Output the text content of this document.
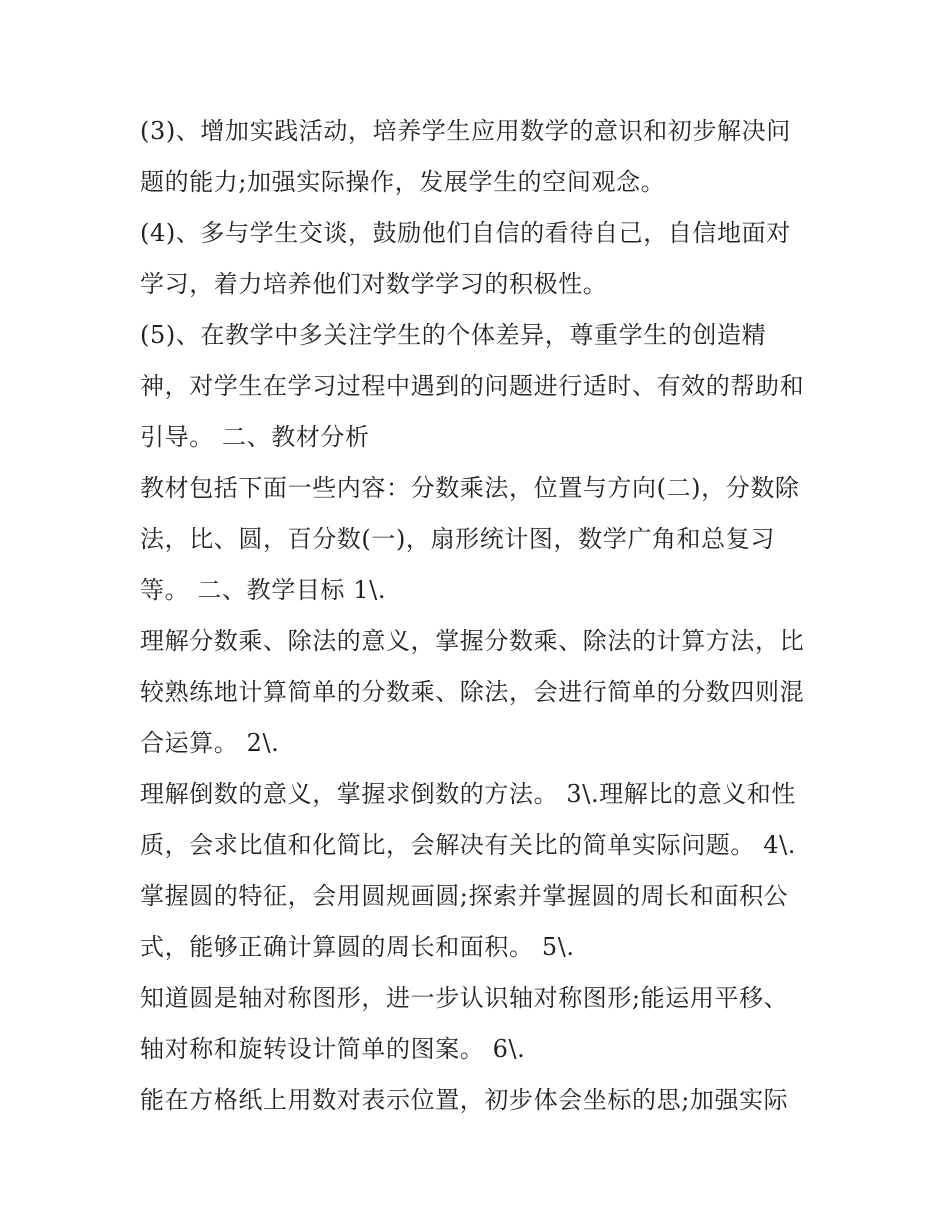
(3)、增加实践活动，培养学生应用数学的意识和初步解决问
题的能力;加强实际操作，发展学生的空间观念。
(4)、多与学生交谈，鼓励他们自信的看待自己，自信地面对
学习，着力培养他们对数学学习的积极性。
(5)、在教学中多关注学生的个体差异，尊重学生的创造精
神，对学生在学习过程中遇到的问题进行适时、有效的帮助和
引导。 二、教材分析
教材包括下面一些内容：分数乘法，位置与方向(二)，分数除
法，比、圆，百分数(一)，扇形统计图，数学广角和总复习
等。 二、教学目标 1\.
理解分数乘、除法的意义，掌握分数乘、除法的计算方法，比
较熟练地计算简单的分数乘、除法，会进行简单的分数四则混
合运算。 2\.
理解倒数的意义，掌握求倒数的方法。 3\.理解比的意义和性
质，会求比值和化简比，会解决有关比的简单实际问题。 4\.
掌握圆的特征，会用圆规画圆;探索并掌握圆的周长和面积公
式，能够正确计算圆的周长和面积。 5\.
知道圆是轴对称图形，进一步认识轴对称图形;能运用平移、
轴对称和旋转设计简单的图案。 6\.
能在方格纸上用数对表示位置，初步体会坐标的思;加强实际
